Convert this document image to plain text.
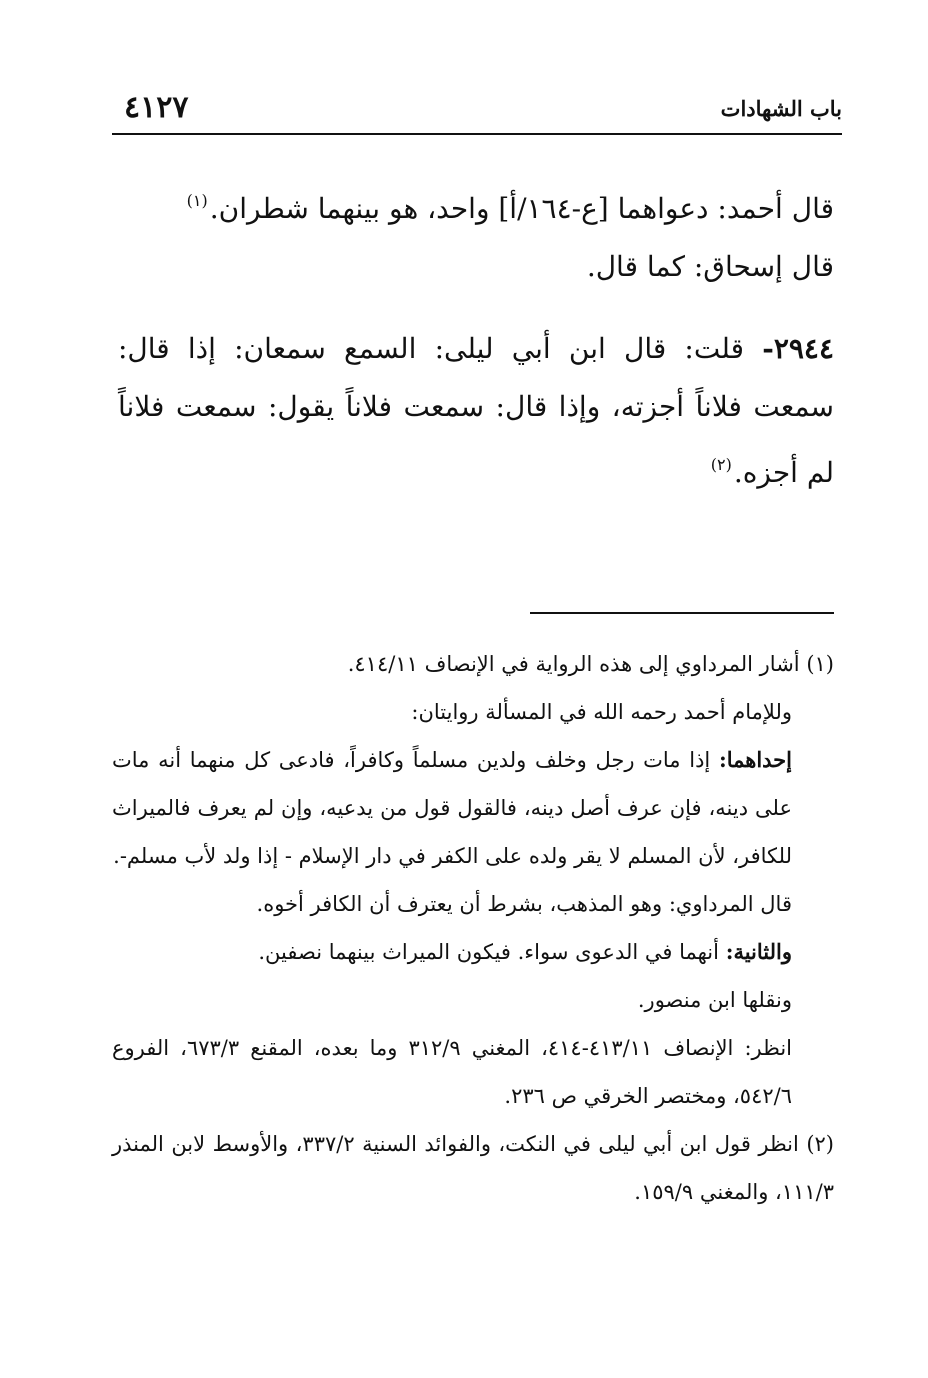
٤١٢٧	باب الشهادات

قال أحمد: دعواهما [ع-١٦٤/أ] واحد، هو بينهما شطران.$^{(١)}$

قال إسحاق: كما قال.

٢٩٤٤- قلت: قال ابن أبي ليلى: السمع سمعان: إذا قال: سمعت فلاناً أجزته، وإذا قال: سمعت فلاناً يقول: سمعت فلاناً لم أجزه.$^{(٢)}$

(١) أشار المرداوي إلى هذه الرواية في الإنصاف ٤١٤/١١.

وللإمام أحمد رحمه الله في المسألة روايتان:

إحداهما: إذا مات رجل وخلف ولدين مسلماً وكافراً، فادعى كل منهما أنه مات على دينه، فإن عرف أصل دينه، فالقول قول من يدعيه، وإن لم يعرف فالميراث للكافر، لأن المسلم لا يقر ولده على الكفر في دار الإسلام - إذا ولد لأب مسلم-.

قال المرداوي: وهو المذهب، بشرط أن يعترف أن الكافر أخوه.

والثانية: أنهما في الدعوى سواء. فيكون الميراث بينهما نصفين.

ونقلها ابن منصور.

انظر: الإنصاف ٤١٣/١١-٤١٤، المغني ٣١٢/٩ وما بعده، المقنع ٦٧٣/٣، الفروع ٥٤٢/٦، ومختصر الخرقي ص ٢٣٦.

(٢) انظر قول ابن أبي ليلى في النكت، والفوائد السنية ٣٣٧/٢، والأوسط لابن المنذر ١١١/٣، والمغني ١٥٩/٩.
